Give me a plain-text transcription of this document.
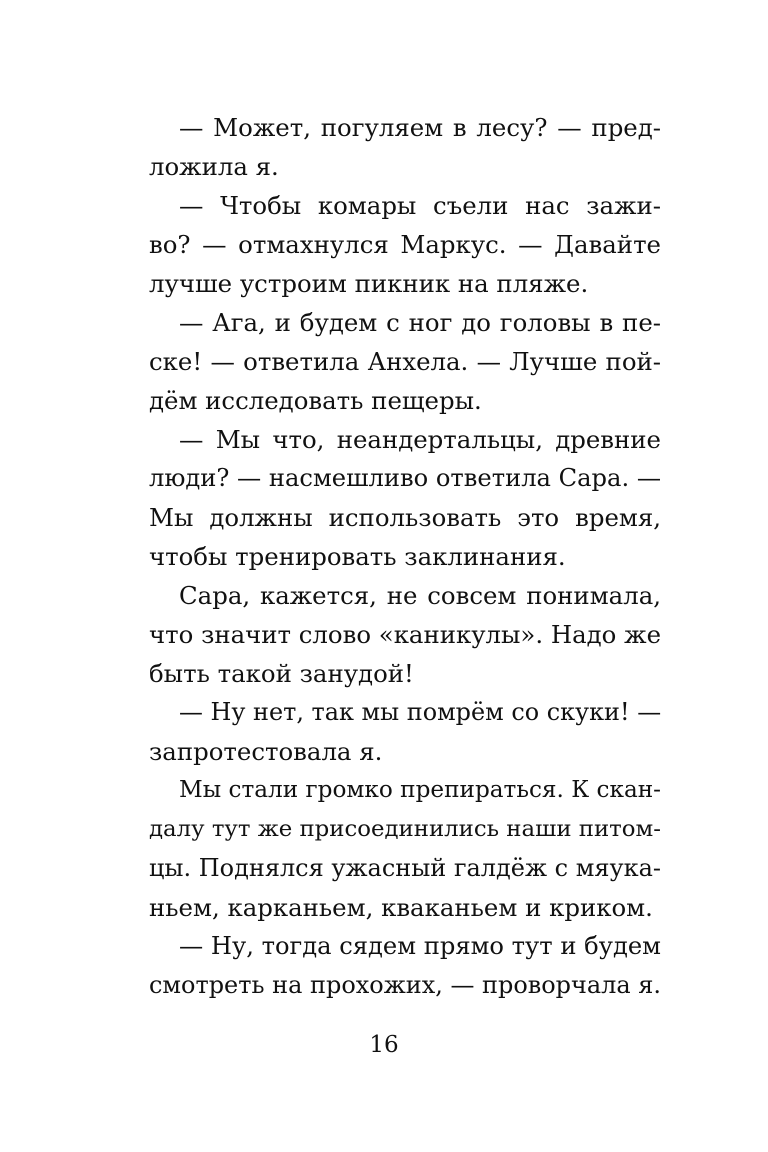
— Может, погуляем в лесу? — пред-
ложила я.
— Чтобы комары съели нас зажи-
во? — отмахнулся Маркус. — Давайте
лучше устроим пикник на пляже.
— Ага, и будем с ног до головы в пе-
ске! — ответила Анхела. — Лучше пой-
дём исследовать пещеры.
— Мы что, неандертальцы, древние
люди? — насмешливо ответила Сара. —
Мы должны использовать это время,
чтобы тренировать заклинания.
Сара, кажется, не совсем понимала,
что значит слово «каникулы». Надо же
быть такой занудой!
— Ну нет, так мы помрём со скуки! —
запротестовала я.
Мы стали громко препираться. К скан-
далу тут же присоединились наши питом-
цы. Поднялся ужасный галдёж с мяука-
ньем, карканьем, кваканьем и криком.
— Ну, тогда сядем прямо тут и будем
смотреть на прохожих, — проворчала я.
16
